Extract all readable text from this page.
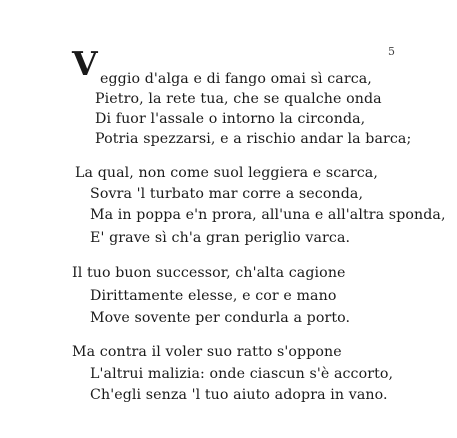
5
V eggio d'alga e di fango omai sì carca,
Pietro, la rete tua, che se qualche onda
Di fuor l'assale o intorno la circonda,
Potria spezzarsi, e a rischio andar la barca;
La qual, non come suol leggiera e scarca,
Sovra 'l turbato mar corre a seconda,
Ma in poppa e'n prora, all'una e all'altra sponda,
E' grave sì ch'a gran periglio varca.
Il tuo buon successor, ch'alta cagione
Dirittamente elesse, e cor e mano
Move sovente per condurla a porto.
Ma contra il voler suo ratto s'oppone
L'altrui malizia: onde ciascun s'è accorto,
Ch'egli senza 'l tuo aiuto adopra in vano.
